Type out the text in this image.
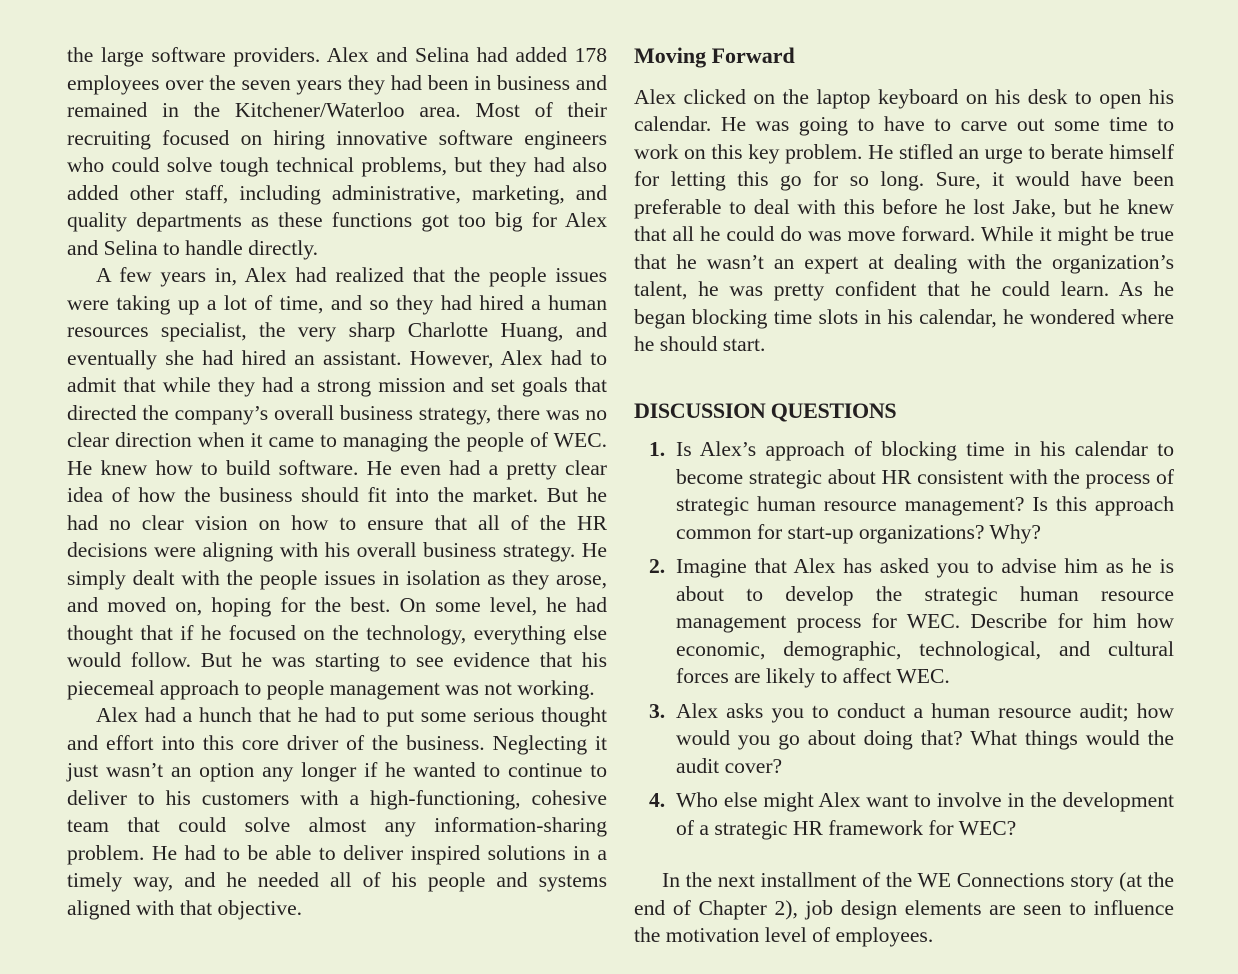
the large software providers. Alex and Selina had added 178 employees over the seven years they had been in business and remained in the Kitchener/Waterloo area. Most of their recruiting focused on hiring innovative software engineers who could solve tough technical problems, but they had also added other staff, including administrative, marketing, and quality departments as these functions got too big for Alex and Selina to handle directly.

A few years in, Alex had realized that the people issues were taking up a lot of time, and so they had hired a human resources specialist, the very sharp Charlotte Huang, and eventually she had hired an assistant. However, Alex had to admit that while they had a strong mission and set goals that directed the company’s overall business strategy, there was no clear direction when it came to managing the people of WEC. He knew how to build software. He even had a pretty clear idea of how the business should fit into the market. But he had no clear vision on how to ensure that all of the HR decisions were aligning with his overall business strategy. He simply dealt with the people issues in isolation as they arose, and moved on, hoping for the best. On some level, he had thought that if he focused on the technology, everything else would follow. But he was starting to see evidence that his piecemeal approach to people management was not working.

Alex had a hunch that he had to put some serious thought and effort into this core driver of the business. Neglecting it just wasn’t an option any longer if he wanted to continue to deliver to his customers with a high-functioning, cohesive team that could solve almost any information-sharing problem. He had to be able to deliver inspired solutions in a timely way, and he needed all of his people and systems aligned with that objective.

Moving Forward

Alex clicked on the laptop keyboard on his desk to open his calendar. He was going to have to carve out some time to work on this key problem. He stifled an urge to berate himself for letting this go for so long. Sure, it would have been preferable to deal with this before he lost Jake, but he knew that all he could do was move forward. While it might be true that he wasn’t an expert at dealing with the organization’s talent, he was pretty confident that he could learn. As he began blocking time slots in his calendar, he wondered where he should start.

DISCUSSION QUESTIONS
1. Is Alex’s approach of blocking time in his calendar to become strategic about HR consistent with the process of strategic human resource management? Is this approach common for start-up organizations? Why?
2. Imagine that Alex has asked you to advise him as he is about to develop the strategic human resource management process for WEC. Describe for him how economic, demographic, technological, and cultural forces are likely to affect WEC.
3. Alex asks you to conduct a human resource audit; how would you go about doing that? What things would the audit cover?
4. Who else might Alex want to involve in the development of a strategic HR framework for WEC?

In the next installment of the WE Connections story (at the end of Chapter 2), job design elements are seen to influence the motivation level of employees.
